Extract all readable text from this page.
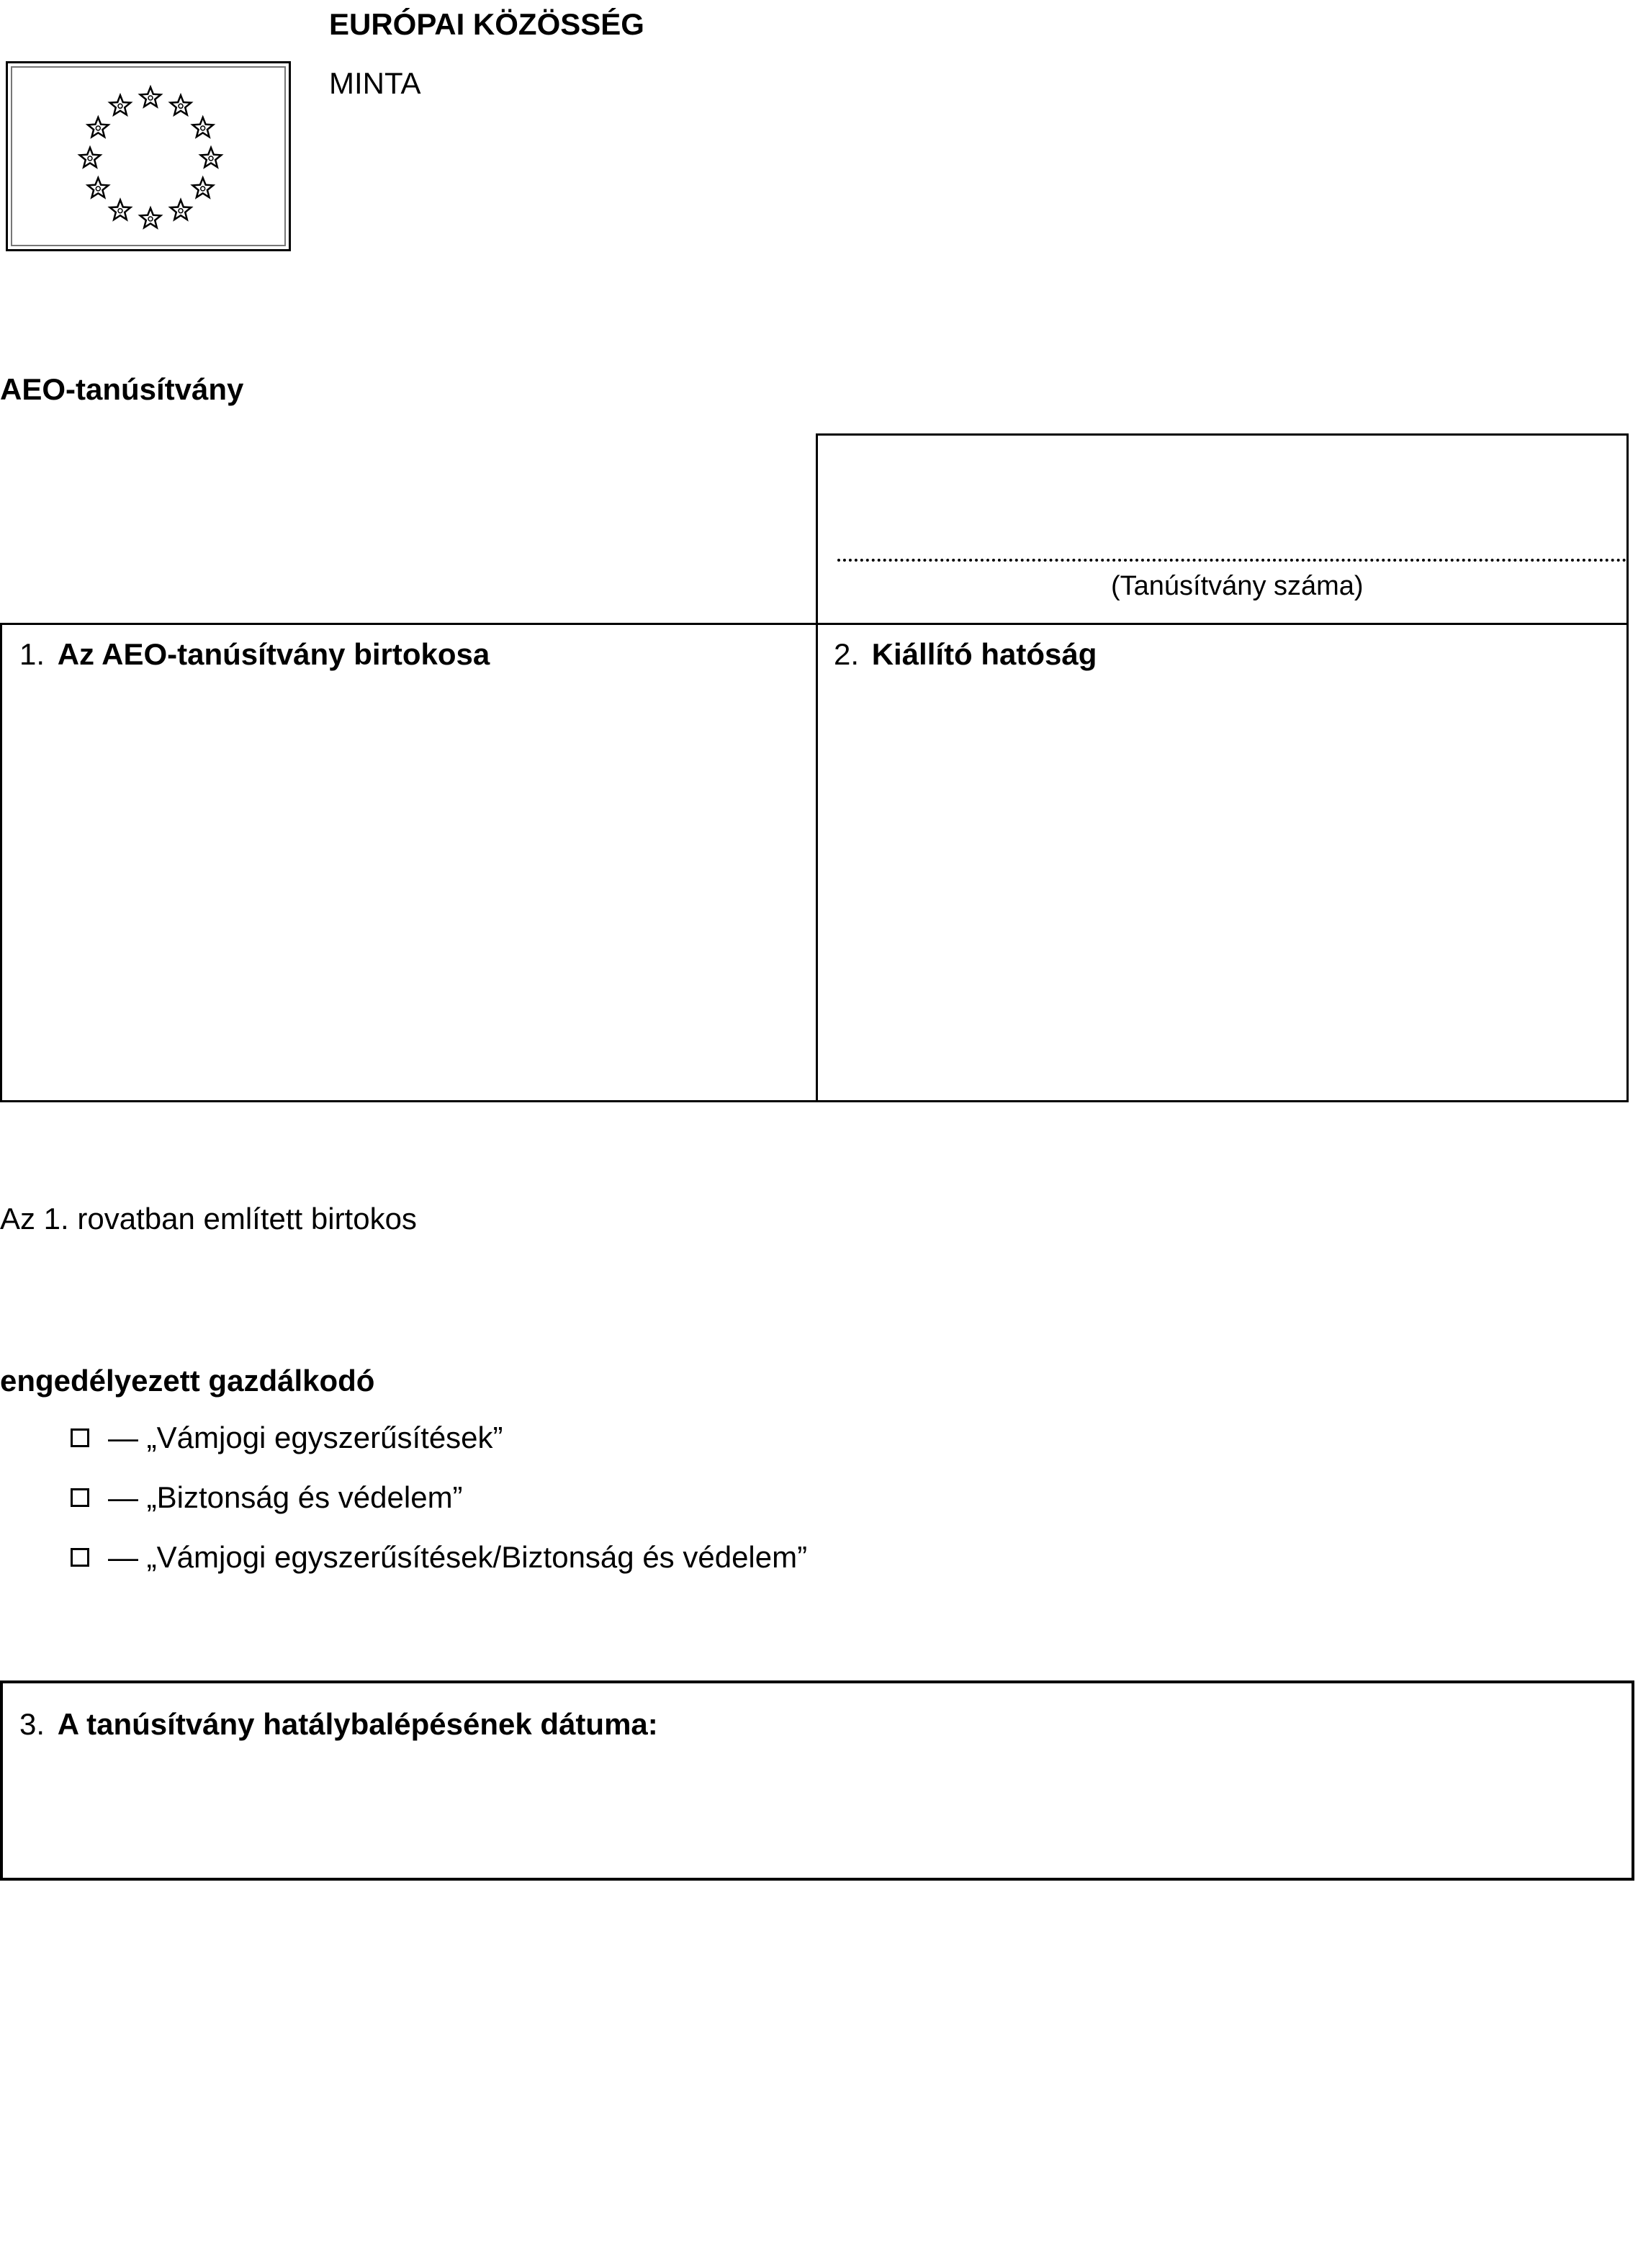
EURÓPAI KÖZÖSSÉG
MINTA
AEO-tanúsítvány
(Tanúsítvány száma)
1. Az AEO-tanúsítvány birtokosa	2. Kiállító hatóság
Az 1. rovatban említett birtokos
engedélyezett gazdálkodó
— „Vámjogi egyszerűsítések”
— „Biztonság és védelem”
— „Vámjogi egyszerűsítések/Biztonság és védelem”
3. A tanúsítvány hatálybalépésének dátuma:
